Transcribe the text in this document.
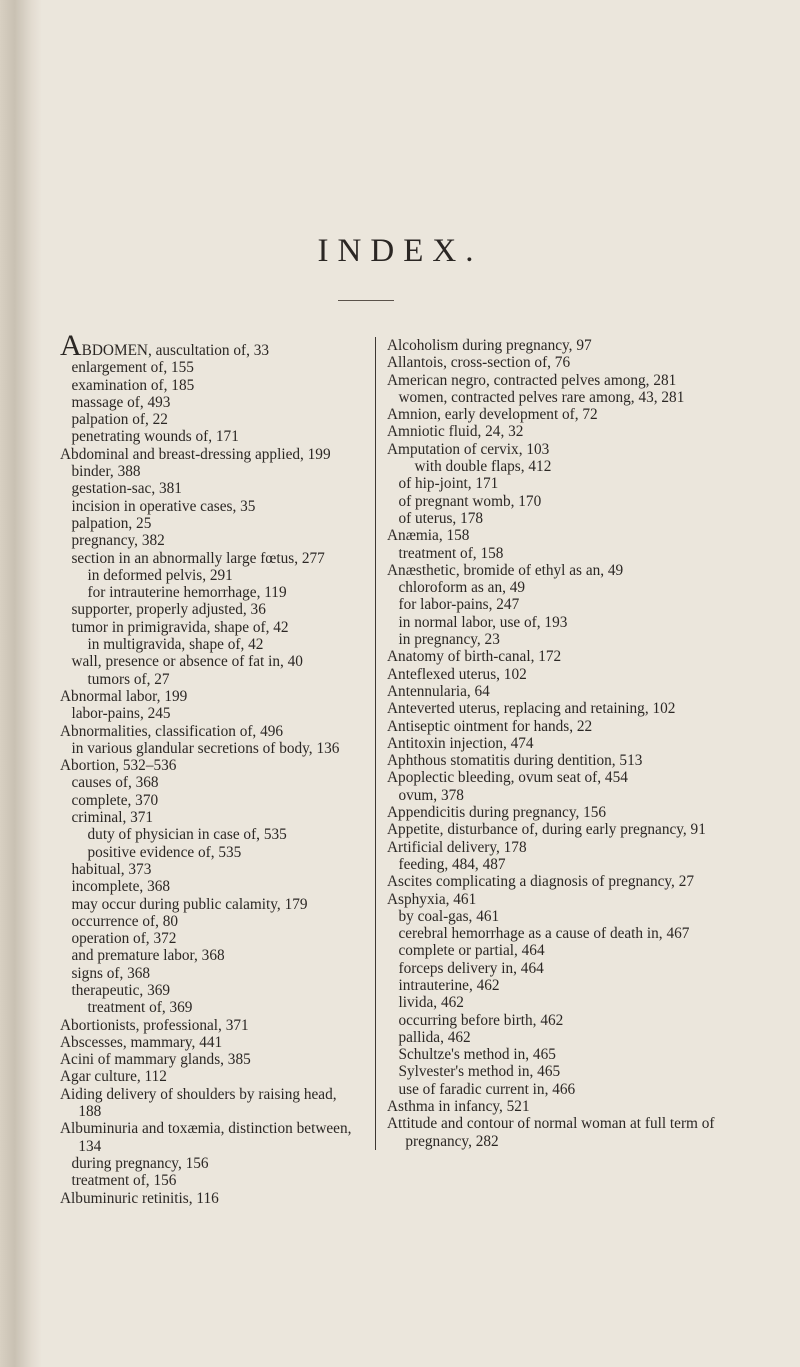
INDEX.

ABDOMEN, auscultation of, 33

enlargement of, 155

examination of, 185

massage of, 493

palpation of, 22

penetrating wounds of, 171

Abdominal and breast-dressing applied, 199

binder, 388

gestation-sac, 381

incision in operative cases, 35

palpation, 25

pregnancy, 382

section in an abnormally large fœtus, 277

in deformed pelvis, 291

for intrauterine hemorrhage, 119

supporter, properly adjusted, 36

tumor in primigravida, shape of, 42

in multigravida, shape of, 42

wall, presence or absence of fat in, 40

tumors of, 27

Abnormal labor, 199

labor-pains, 245

Abnormalities, classification of, 496

in various glandular secretions of body, 136

Abortion, 532–536

causes of, 368

complete, 370

criminal, 371

duty of physician in case of, 535

positive evidence of, 535

habitual, 373

incomplete, 368

may occur during public calamity, 179

occurrence of, 80

operation of, 372

and premature labor, 368

signs of, 368

therapeutic, 369

treatment of, 369

Abortionists, professional, 371

Abscesses, mammary, 441

Acini of mammary glands, 385

Agar culture, 112

Aiding delivery of shoulders by raising head, 188

Albuminuria and toxæmia, distinction between, 134

during pregnancy, 156

treatment of, 156

Albuminuric retinitis, 116

Alcoholism during pregnancy, 97

Allantois, cross-section of, 76

American negro, contracted pelves among, 281

women, contracted pelves rare among, 43, 281

Amnion, early development of, 72

Amniotic fluid, 24, 32

Amputation of cervix, 103

with double flaps, 412

of hip-joint, 171

of pregnant womb, 170

of uterus, 178

Anæmia, 158

treatment of, 158

Anæsthetic, bromide of ethyl as an, 49

chloroform as an, 49

for labor-pains, 247

in normal labor, use of, 193

in pregnancy, 23

Anatomy of birth-canal, 172

Anteflexed uterus, 102

Antennularia, 64

Anteverted uterus, replacing and retaining, 102

Antiseptic ointment for hands, 22

Antitoxin injection, 474

Aphthous stomatitis during dentition, 513

Apoplectic bleeding, ovum seat of, 454

ovum, 378

Appendicitis during pregnancy, 156

Appetite, disturbance of, during early pregnancy, 91

Artificial delivery, 178

feeding, 484, 487

Ascites complicating a diagnosis of pregnancy, 27

Asphyxia, 461

by coal-gas, 461

cerebral hemorrhage as a cause of death in, 467

complete or partial, 464

forceps delivery in, 464

intrauterine, 462

livida, 462

occurring before birth, 462

pallida, 462

Schultze's method in, 465

Sylvester's method in, 465

use of faradic current in, 466

Asthma in infancy, 521

Attitude and contour of normal woman at full term of pregnancy, 282
